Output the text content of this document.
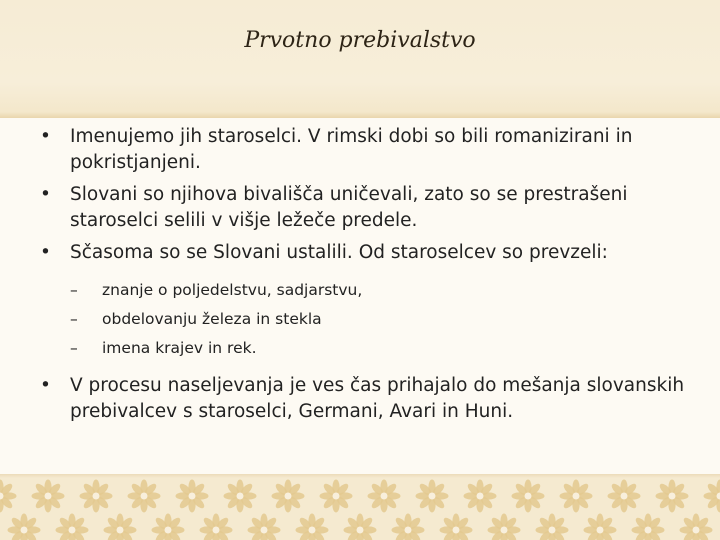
Prvotno prebivalstvo
• Imenujemo jih staroselci. V rimski dobi so bili romanizirani in pokristjanjeni.
• Slovani so njihova bivališča uničevali, zato so se prestrašeni staroselci selili v višje ležeče predele.
• Sčasoma so se Slovani ustalili. Od staroselcev so prevzeli:
– znanje o poljedelstvu, sadjarstvu,
– obdelovanju železa in stekla
– imena krajev in rek.
• V procesu naseljevanja je ves čas prihajalo do mešanja slovanskih prebivalcev s staroselci, Germani, Avari in Huni.
